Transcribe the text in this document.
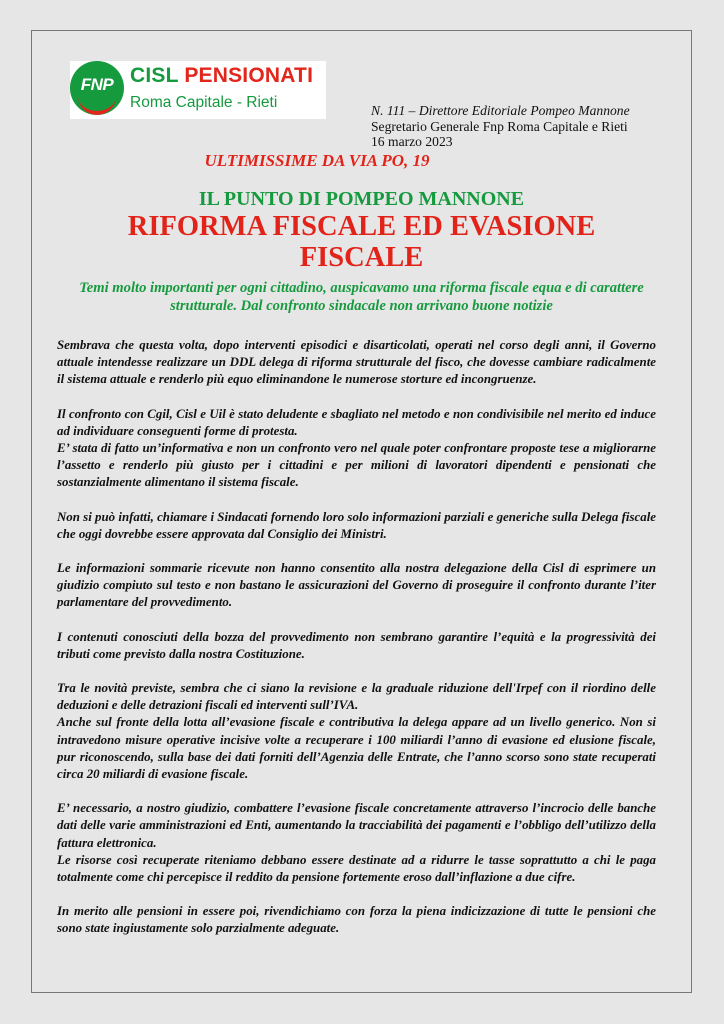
FNP CISL PENSIONATI
Roma Capitale - Rieti	N. 111 – Direttore Editoriale Pompeo Mannone
Segretario Generale Fnp Roma Capitale e Rieti
16 marzo 2023
ULTIMISSIME DA VIA PO, 19
IL PUNTO DI POMPEO MANNONE
RIFORMA FISCALE ED EVASIONE
FISCALE
Temi molto importanti per ogni cittadino, auspicavamo una riforma fiscale equa e di carattere strutturale. Dal confronto sindacale non arrivano buone notizie

Sembrava che questa volta, dopo interventi episodici e disarticolati, operati nel corso degli anni, il Governo attuale intendesse realizzare un DDL delega di riforma strutturale del fisco, che dovesse cambiare radicalmente il sistema attuale e renderlo più equo eliminandone le numerose storture ed incongruenze.

Il confronto con Cgil, Cisl e Uil è stato deludente e sbagliato nel metodo e non condivisibile nel merito ed induce ad individuare conseguenti forme di protesta.

E’ stata di fatto un’informativa e non un confronto vero nel quale poter confrontare proposte tese a migliorarne l’assetto e renderlo più giusto per i cittadini e per milioni di lavoratori dipendenti e pensionati che sostanzialmente alimentano il sistema fiscale.

Non si può infatti, chiamare i Sindacati fornendo loro solo informazioni parziali e generiche sulla Delega fiscale che oggi dovrebbe essere approvata dal Consiglio dei Ministri.

Le informazioni sommarie ricevute non hanno consentito alla nostra delegazione della Cisl di esprimere un giudizio compiuto sul testo e non bastano le assicurazioni del Governo di proseguire il confronto durante l’iter parlamentare del provvedimento.

I contenuti conosciuti della bozza del provvedimento non sembrano garantire l’equità e la progressività dei tributi come previsto dalla nostra Costituzione.

Tra le novità previste, sembra che ci siano la revisione e la graduale riduzione dell'Irpef con il riordino delle deduzioni e delle detrazioni fiscali ed interventi sull’IVA.

Anche sul fronte della lotta all’evasione fiscale e contributiva la delega appare ad un livello generico. Non si intravedono misure operative incisive volte a recuperare i 100 miliardi l’anno di evasione ed elusione fiscale, pur riconoscendo, sulla base dei dati forniti dell’Agenzia delle Entrate, che l’anno scorso sono state recuperati circa 20 miliardi di evasione fiscale.

E’ necessario, a nostro giudizio, combattere l’evasione fiscale concretamente attraverso l’incrocio delle banche dati delle varie amministrazioni ed Enti, aumentando la tracciabilità dei pagamenti e l’obbligo dell’utilizzo della fattura elettronica.

Le risorse così recuperate riteniamo debbano essere destinate ad a ridurre le tasse soprattutto a chi le paga totalmente come chi percepisce il reddito da pensione fortemente eroso dall’inflazione a due cifre.

In merito alle pensioni in essere poi, rivendichiamo con forza la piena indicizzazione di tutte le pensioni che sono state ingiustamente solo parzialmente adeguate.
